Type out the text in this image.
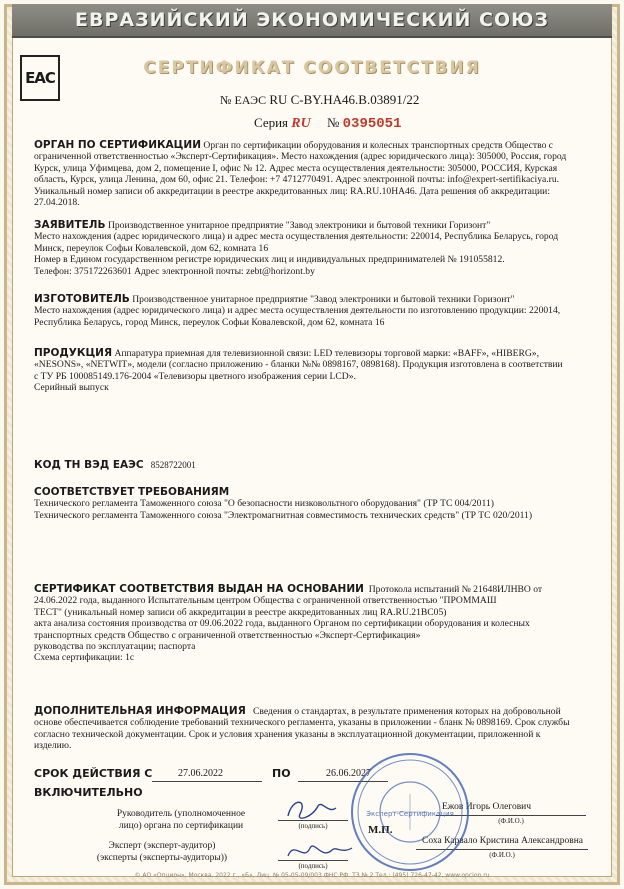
ЕВРАЗИЙСКИЙ ЭКОНОМИЧЕСКИЙ СОЮЗ
ЕАС	СЕРТИФИКАТ СООТВЕТСТВИЯ
№ ЕАЭС RU C-BY.HA46.B.03891/22
Серия RU № 0395051
ОРГАН ПО СЕРТИФИКАЦИИ Орган по сертификации оборудования и колесных транспортных средств Общество с
ограниченной ответственностью «Эксперт-Сертификация». Место нахождения (адрес юридического лица): 305000, Россия, город
Курск, улица Уфимцева, дом 2, помещение I, офис № 12. Адрес места осуществления деятельности: 305000, РОССИЯ, Курская
область, Курск, улица Ленина, дом 60, офис 21. Телефон: +7 4712770491. Адрес электронной почты: info@expert-sertifikaciya.ru.
Уникальный номер записи об аккредитации в реестре аккредитованных лиц: RA.RU.10HA46. Дата решения об аккредитации:
27.04.2018.
ЗАЯВИТЕЛЬ Производственное унитарное предприятие "Завод электроники и бытовой техники Горизонт"
Место нахождения (адрес юридического лица) и адрес места осуществления деятельности: 220014, Республика Беларусь, город
Минск, переулок Софьи Ковалевской, дом 62, комната 16
Номер в Едином государственном регистре юридических лиц и индивидуальных предпринимателей № 191055812.
Телефон: 375172263601 Адрес электронной почты: zebt@horizont.by
ИЗГОТОВИТЕЛЬ Производственное унитарное предприятие "Завод электроники и бытовой техники Горизонт"
Место нахождения (адрес юридического лица) и адрес места осуществления деятельности по изготовлению продукции: 220014,
Республика Беларусь, город Минск, переулок Софьи Ковалевской, дом 62, комната 16
ПРОДУКЦИЯ Аппаратура приемная для телевизионной связи: LED телевизоры торговой марки: «BAFF», «HIBERG»,
«NESONS», «NETWIT», модели (согласно приложению - бланки №№ 0898167, 0898168). Продукция изготовлена в соответствии
с ТУ РБ 100085149.176-2004 «Телевизоры цветного изображения серии LCD».
Серийный выпуск
КОД ТН ВЭД ЕАЭС 8528722001
СООТВЕТСТВУЕТ ТРЕБОВАНИЯМ
Технического регламента Таможенного союза "О безопасности низковольтного оборудования" (ТР ТС 004/2011)
Технического регламента Таможенного союза "Электромагнитная совместимость технических средств" (ТР ТС 020/2011)
СЕРТИФИКАТ СООТВЕТСТВИЯ ВЫДАН НА ОСНОВАНИИ Протокола испытаний № 21648ИЛНВО от
24.06.2022 года, выданного Испытательным центром Общества с ограниченной ответственностью "ПРОММАШ
ТЕСТ" (уникальный номер записи об аккредитации в реестре аккредитованных лиц RA.RU.21BC05)
акта анализа состояния производства от 09.06.2022 года, выданного Органом по сертификации оборудования и колесных
транспортных средств Общество с ограниченной ответственностью «Эксперт-Сертификация»
руководства по эксплуатации; паспорта
Схема сертификации: 1с
ДОПОЛНИТЕЛЬНАЯ ИНФОРМАЦИЯ Сведения о стандартах, в результате применения которых на добровольной
основе обеспечивается соблюдение требований технического регламента, указаны в приложении - бланк № 0898169. Срок службы
согласно технической документации. Срок и условия хранения указаны в эксплуатационной документации, приложенной к
изделию.
СРОК ДЕЙСТВИЯ С
ВКЛЮЧИТЕЛЬНО
27.06.2022	ПО	26.06.2027
Руководитель (уполномоченное
лицо) органа по сертификации
Эксперт (эксперт-аудитор)
(эксперты (эксперты-аудиторы))
(подпись)
(подпись)
М.П.
Ежов Игорь Олегович
(Ф.И.О.)
Соха Карвало Кристина Александровна
(Ф.И.О.)
Эксперт-Сертификация
© АО «Опцион», Москва, 2022 г., «Б», Лиц. № 05-05-09/003 ФНС РФ. ТЗ № 2.Тел.: (495) 726-47-42, www.opcion.ru
